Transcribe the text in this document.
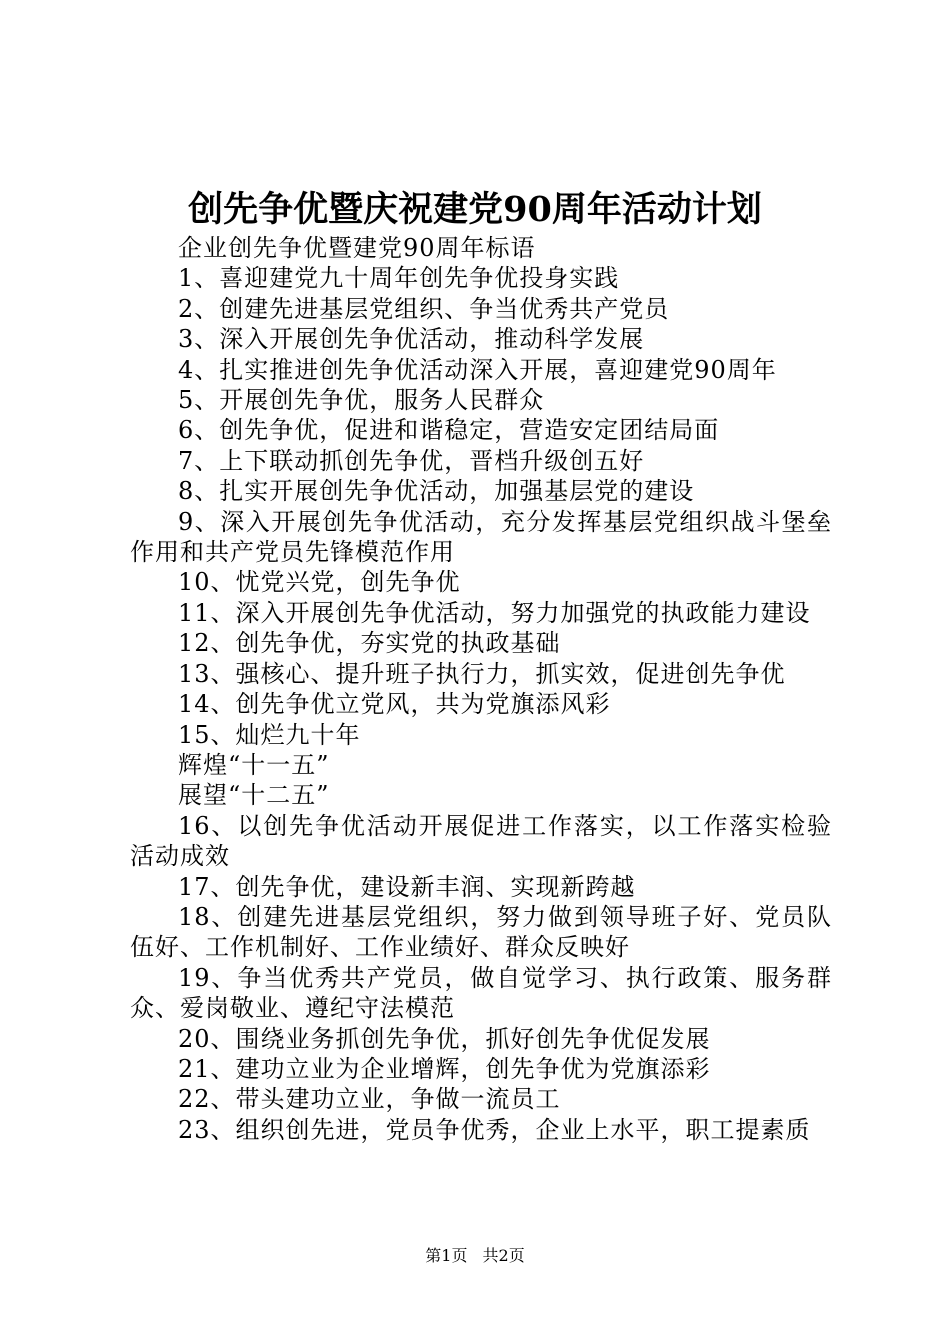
创先争优暨庆祝建党90周年活动计划

企业创先争优暨建党90周年标语

1、喜迎建党九十周年创先争优投身实践

2、创建先进基层党组织、争当优秀共产党员

3、深入开展创先争优活动，推动科学发展

4、扎实推进创先争优活动深入开展，喜迎建党90周年

5、开展创先争优，服务人民群众

6、创先争优，促进和谐稳定，营造安定团结局面

7、上下联动抓创先争优，晋档升级创五好

8、扎实开展创先争优活动，加强基层党的建设

9、深入开展创先争优活动，充分发挥基层党组织战斗堡垒作用和共产党员先锋模范作用

10、忧党兴党，创先争优

11、深入开展创先争优活动，努力加强党的执政能力建设

12、创先争优，夯实党的执政基础

13、强核心、提升班子执行力，抓实效，促进创先争优

14、创先争优立党风，共为党旗添风彩

15、灿烂九十年

辉煌“十一五”

展望“十二五”

16、以创先争优活动开展促进工作落实，以工作落实检验活动成效

17、创先争优，建设新丰润、实现新跨越

18、创建先进基层党组织，努力做到领导班子好、党员队伍好、工作机制好、工作业绩好、群众反映好

19、争当优秀共产党员，做自觉学习、执行政策、服务群众、爱岗敬业、遵纪守法模范

20、围绕业务抓创先争优，抓好创先争优促发展

21、建功立业为企业增辉，创先争优为党旗添彩

22、带头建功立业，争做一流员工

23、组织创先进，党员争优秀，企业上水平，职工提素质

第1页 共2页
